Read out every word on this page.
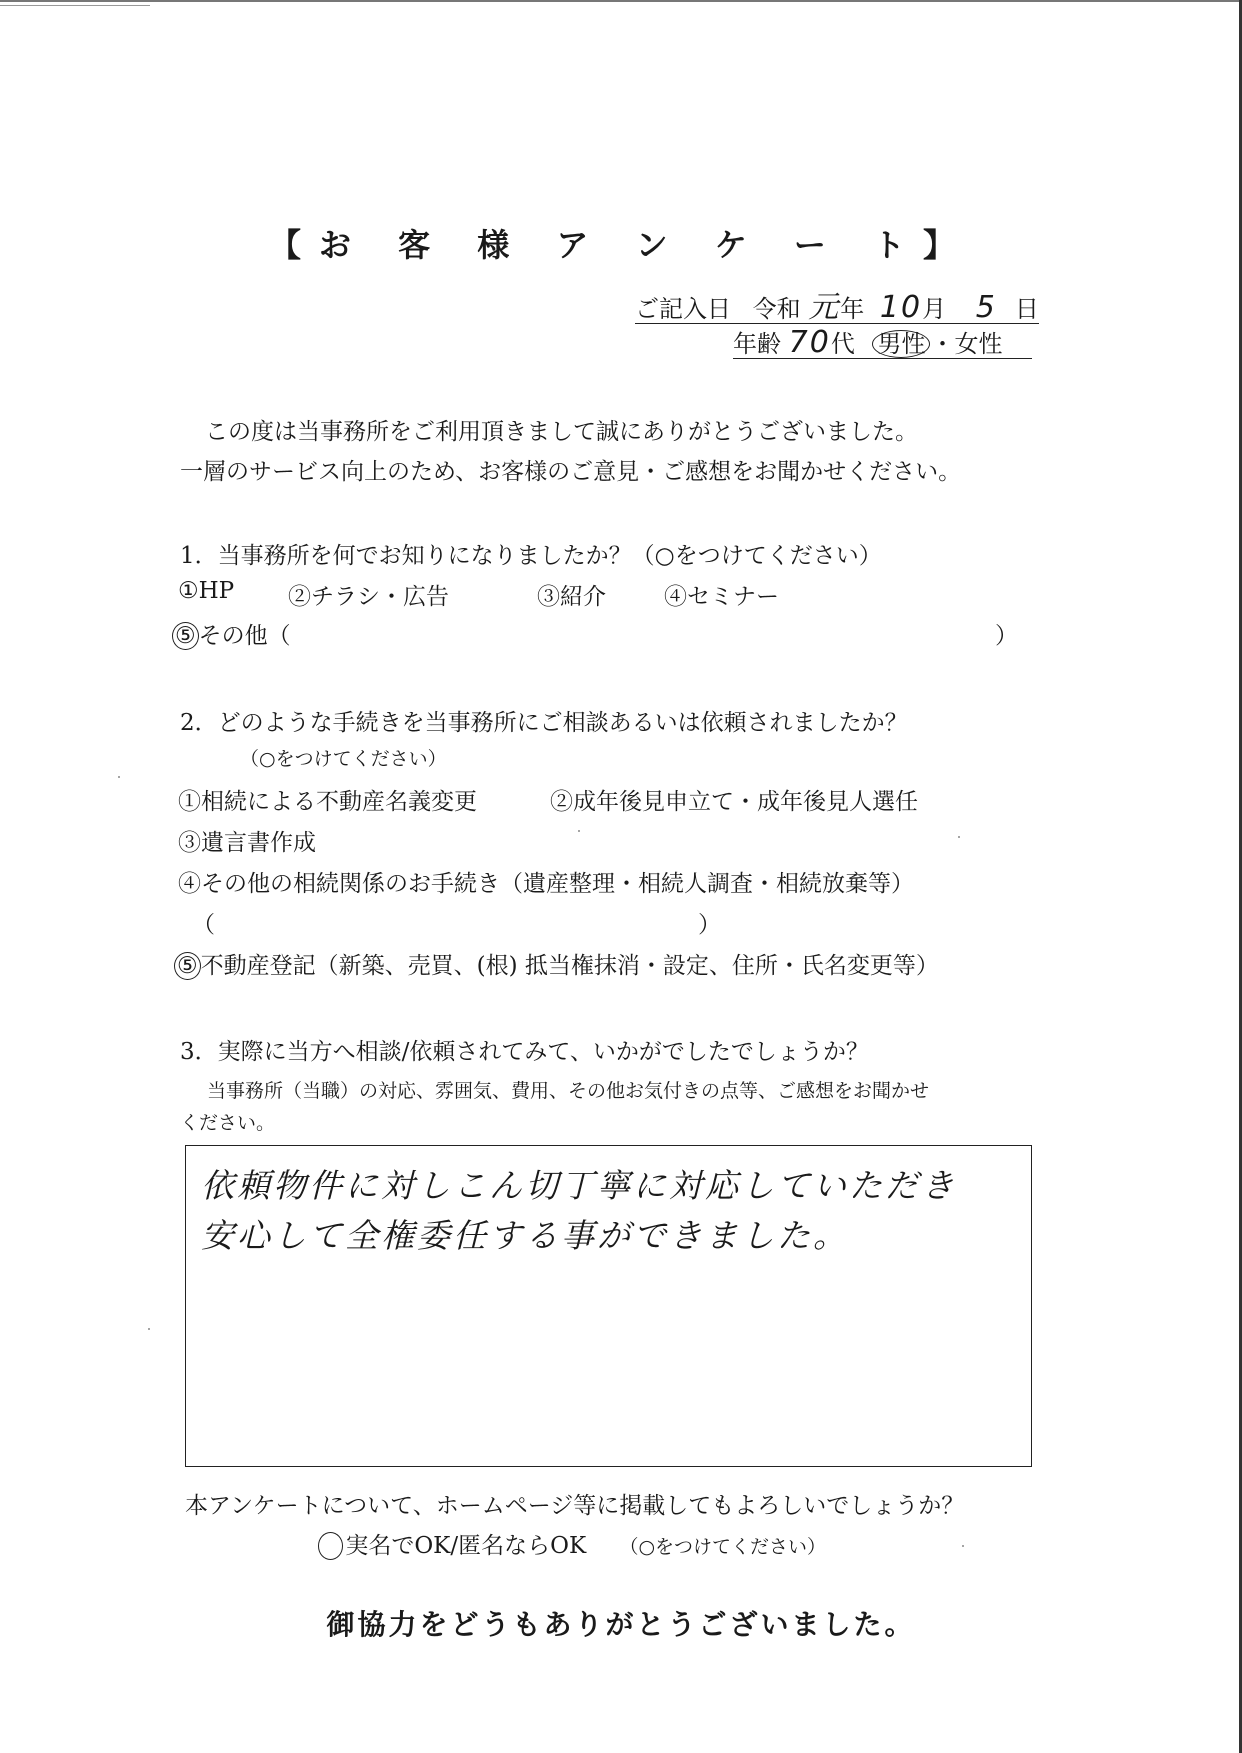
【お 客 様 ア ン ケ ー ト】
ご記入日 令和 元年 10月 5 日
年齢 70代 男性 ・女性
この度は当事務所をご利用頂きまして誠にありがとうございました。
一層のサービス向上のため、お客様のご意見・ご感想をお聞かせください。
1．当事務所を何でお知りになりましたか？（○をつけてください）
①HP ②チラシ・広告	③紹介	④セミナー
⑤ その他（	）
2．どのような手続きを当事務所にご相談あるいは依頼されましたか？
（○をつけてください）
①相続による不動産名義変更	②成年後見申立て・成年後見人選任
③遺言書作成
④その他の相続関係のお手続き（遺産整理・相続人調査・相続放棄等）
（	）
⑤ 不動産登記（新築、売買、(根) 抵当権抹消・設定、住所・氏名変更等）
3．実際に当方へ相談/依頼されてみて、いかがでしたでしょうか？
当事務所（当職）の対応、雰囲気、費用、その他お気付きの点等、ご感想をお聞かせ
ください。
依頼物件に対しこん切丁寧に対応していただき
安心して全権委任する事ができました。
本アンケートについて、ホームページ等に掲載してもよろしいでしょうか？
実名でOK/匿名ならOK （○をつけてください）
御協力をどうもありがとうございました。
